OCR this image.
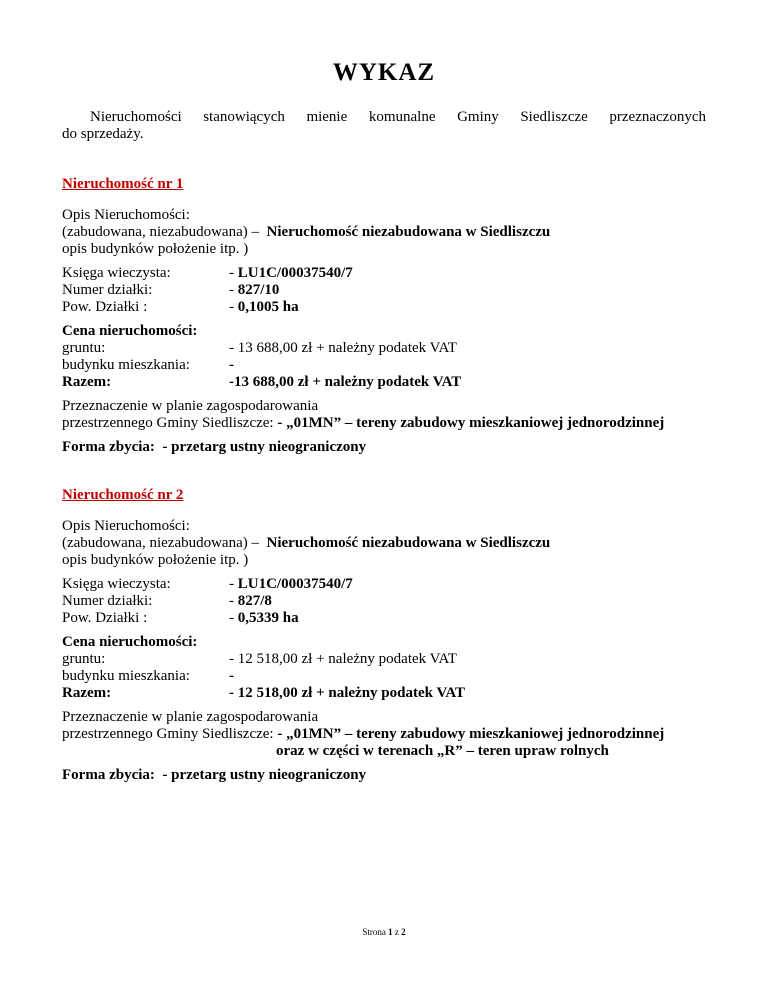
WYKAZ
Nieruchomości stanowiących mienie komunalne Gminy Siedliszcze przeznaczonych
do sprzedaży.
Nieruchomość nr 1
Opis Nieruchomości:
(zabudowana, niezabudowana) – Nieruchomość niezabudowana w Siedliszczu
opis budynków położenie itp. )
Księga wieczysta:	- LU1C/00037540/7
Numer działki:	- 827/10
Pow. Działki :	- 0,1005 ha
Cena nieruchomości:
gruntu:	- 13 688,00 zł + należny podatek VAT
budynku mieszkania:	-
Razem:	-13 688,00 zł + należny podatek VAT
Przeznaczenie w planie zagospodarowania
przestrzennego Gminy Siedliszcze: - „01MN” – tereny zabudowy mieszkaniowej jednorodzinnej
Forma zbycia: - przetarg ustny nieograniczony
Nieruchomość nr 2
Opis Nieruchomości:
(zabudowana, niezabudowana) – Nieruchomość niezabudowana w Siedliszczu
opis budynków położenie itp. )
Księga wieczysta:	- LU1C/00037540/7
Numer działki:	- 827/8
Pow. Działki :	- 0,5339 ha
Cena nieruchomości:
gruntu:	- 12 518,00 zł + należny podatek VAT
budynku mieszkania:	-
Razem:	- 12 518,00 zł + należny podatek VAT
Przeznaczenie w planie zagospodarowania
przestrzennego Gminy Siedliszcze: - „01MN” – tereny zabudowy mieszkaniowej jednorodzinnej
oraz w części w terenach „R” – teren upraw rolnych
Forma zbycia: - przetarg ustny nieograniczony
Strona 1 z 2
